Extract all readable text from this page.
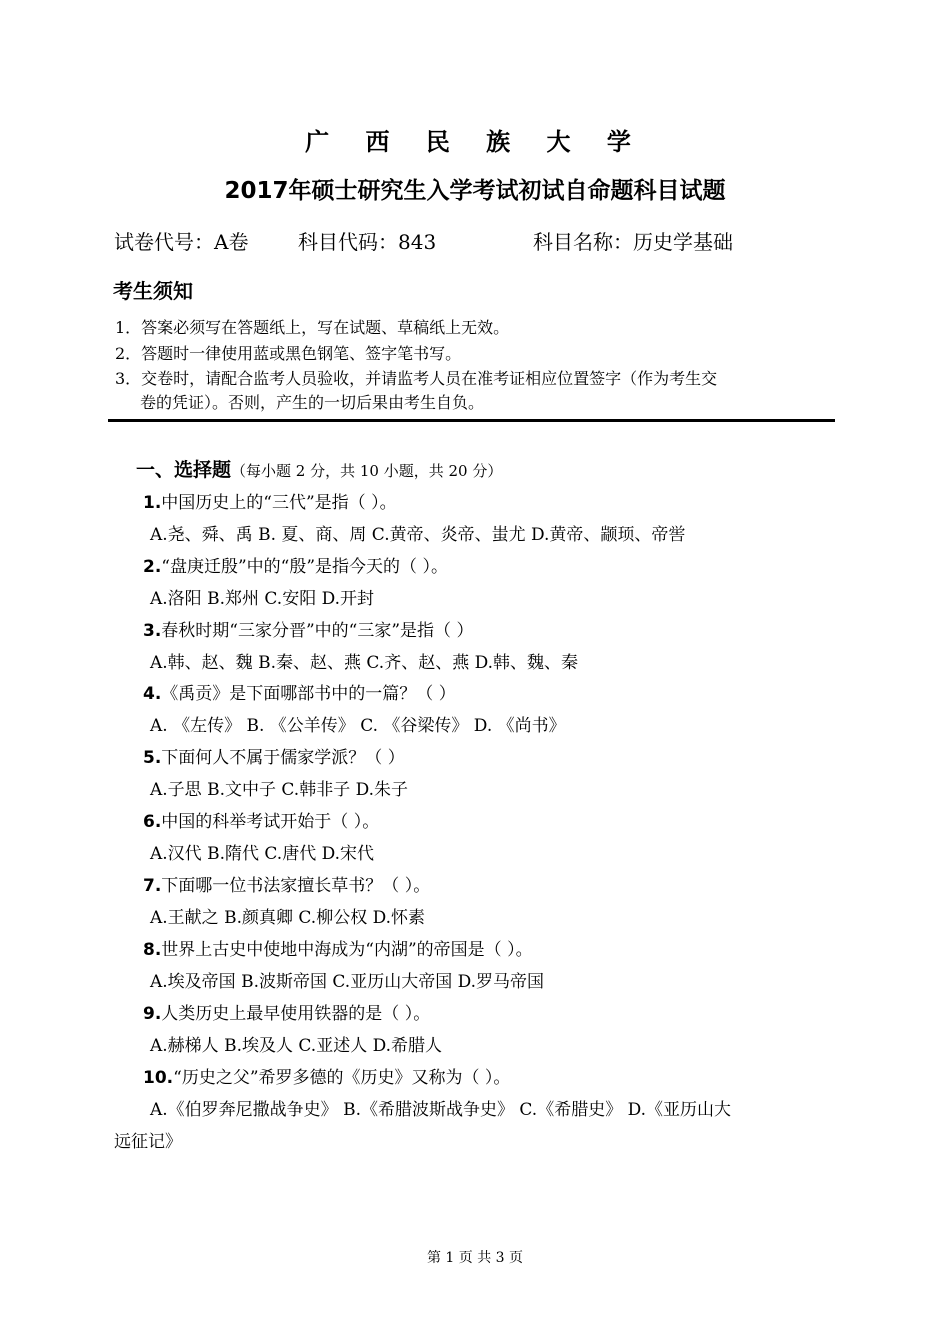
广 西 民 族 大 学
2017年硕士研究生入学考试初试自命题科目试题
试卷代号：A卷 科目代码：843	科目名称：历史学基础
考生须知
1．答案必须写在答题纸上，写在试题、草稿纸上无效。
2．答题时一律使用蓝或黑色钢笔、签字笔书写。
3．交卷时，请配合监考人员验收，并请监考人员在准考证相应位置签字（作为考生交
卷的凭证）。否则，产生的一切后果由考生自负。
一、选择题（每小题 2 分，共 10 小题，共 20 分）
1.中国历史上的“三代”是指（ ）。
A.尧、舜、禹 B. 夏、商、周 C.黄帝、炎帝、蚩尤 D.黄帝、颛顼、帝喾
2.“盘庚迁殷”中的“殷”是指今天的（ ）。
A.洛阳 B.郑州 C.安阳 D.开封
3.春秋时期“三家分晋”中的“三家”是指（ ）
A.韩、赵、魏 B.秦、赵、燕 C.齐、赵、燕 D.韩、魏、秦
4.《禹贡》是下面哪部书中的一篇？（ ）
A. 《左传》 B. 《公羊传》 C. 《谷梁传》 D. 《尚书》
5.下面何人不属于儒家学派？（ ）
A.子思 B.文中子 C.韩非子 D.朱子
6.中国的科举考试开始于（ ）。
A.汉代 B.隋代 C.唐代 D.宋代
7.下面哪一位书法家擅长草书？（ ）。
A.王献之 B.颜真卿 C.柳公权 D.怀素
8.世界上古史中使地中海成为“内湖”的帝国是（ ）。
A.埃及帝国 B.波斯帝国 C.亚历山大帝国 D.罗马帝国
9.人类历史上最早使用铁器的是（ ）。
A.赫梯人 B.埃及人 C.亚述人 D.希腊人
10.“历史之父”希罗多德的《历史》又称为（ ）。
A.《伯罗奔尼撒战争史》 B.《希腊波斯战争史》 C.《希腊史》 D.《亚历山大
远征记》
第 1 页 共 3 页
